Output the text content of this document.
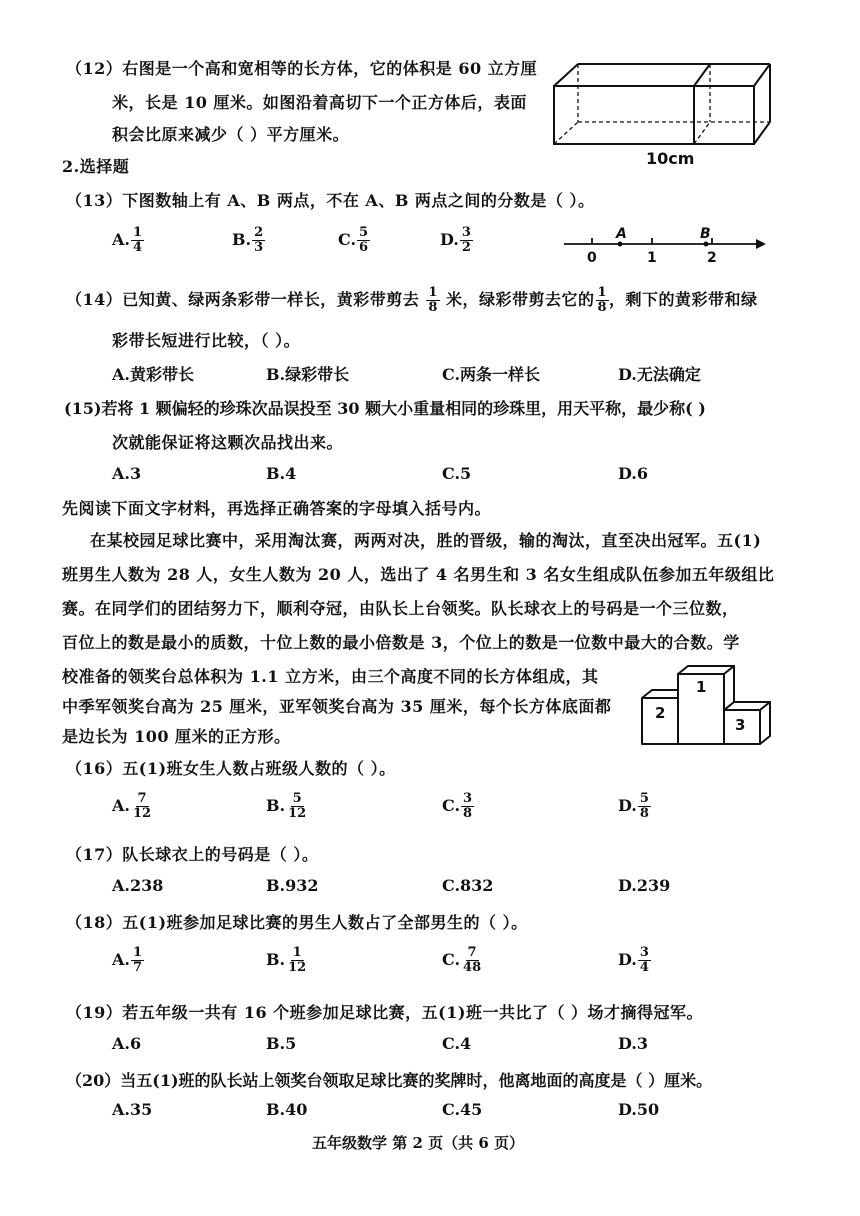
（12）右图是一个高和宽相等的长方体，它的体积是 60 立方厘
米，长是 10 厘米。如图沿着高切下一个正方体后，表面
积会比原来减少（ ）平方厘米。
10cm
2.选择题
（13）下图数轴上有 A、B 两点，不在 A、B 两点之间的分数是（ ）。
A. $\frac{1}{4}$	B. $\frac{2}{3}$	C. $\frac{5}{6}$	D. $\frac{3}{2}$	A	B
0	1	2
（14）已知黄、绿两条彩带一样长，黄彩带剪去 $\frac{1}{8}$ 米，绿彩带剪去它的 $\frac{1}{8}$ ，剩下的黄彩带和绿
彩带长短进行比较，（ ）。
A.黄彩带长	B.绿彩带长	C.两条一样长	D.无法确定
(15)若将 1 颗偏轻的珍珠次品误投至 30 颗大小重量相同的珍珠里，用天平称，最少称( )
次就能保证将这颗次品找出来。
A.3	B.4	C.5	D.6
先阅读下面文字材料，再选择正确答案的字母填入括号内。
在某校园足球比赛中，采用淘汰赛，两两对决，胜的晋级，输的淘汰，直至决出冠军。五(1)
班男生人数为 28 人，女生人数为 20 人，选出了 4 名男生和 3 名女生组成队伍参加五年级组比
赛。在同学们的团结努力下，顺利夺冠，由队长上台领奖。队长球衣上的号码是一个三位数，
百位上的数是最小的质数，十位上数的最小倍数是 3，个位上的数是一位数中最大的合数。学
校准备的领奖台总体积为 1.1 立方米，由三个高度不同的长方体组成，其
中季军领奖台高为 25 厘米，亚军领奖台高为 35 厘米，每个长方体底面都
是边长为 100 厘米的正方形。
2
1
3
（16）五(1)班女生人数占班级人数的（ ）。
A. $\frac{7}{12}$	B. $\frac{5}{12}$	C. $\frac{3}{8}$	D. $\frac{5}{8}$
（17）队长球衣上的号码是（ ）。
A.238	B.932	C.832	D.239
（18）五(1)班参加足球比赛的男生人数占了全部男生的（ ）。
A. $\frac{1}{7}$	B. $\frac{1}{12}$	C. $\frac{7}{48}$	D. $\frac{3}{4}$
（19）若五年级一共有 16 个班参加足球比赛，五(1)班一共比了（ ）场才摘得冠军。
A.6	B.5	C.4	D.3
（20）当五(1)班的队长站上领奖台领取足球比赛的奖牌时，他离地面的高度是（ ）厘米。
A.35	B.40	C.45	D.50
五年级数学 第 2 页（共 6 页）
